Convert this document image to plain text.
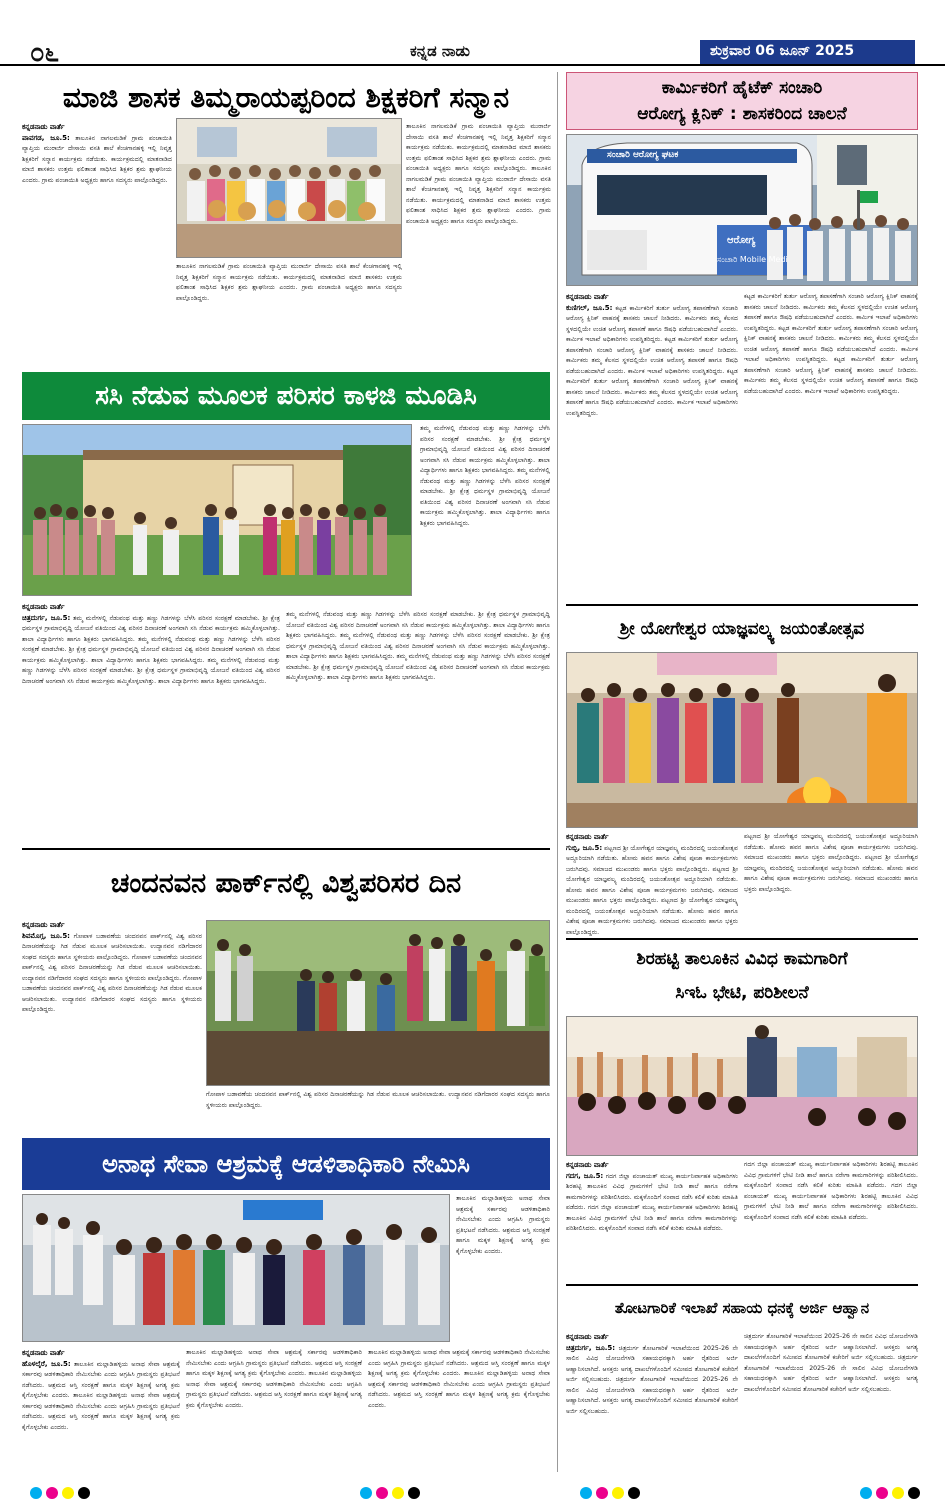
೦೬	ಕನ್ನಡ ನಾಡು	ಶುಕ್ರವಾರ 06 ಜೂನ್ 2025
ಮಾಜಿ ಶಾಸಕ ತಿಮ್ಮರಾಯಪ್ಪರಿಂದ ಶಿಕ್ಷಕರಿಗೆ ಸನ್ಮಾನ
ಕನ್ನಡನಾಡು ವಾರ್ತೆ
ಪಾವಗಡ, ಜೂ.5: ತಾಲೂಕಿನ ನಾಗಲಮಡಿಕೆ ಗ್ರಾಮ ಪಂಚಾಯಿತಿ ವ್ಯಾಪ್ತಿಯ ಮುರಾರ್ಜಿ ದೇಸಾಯಿ ವಸತಿ ಶಾಲೆ ಕೆಂಚಗಾನಹಳ್ಳಿ ಇಲ್ಲಿ ನಿವೃತ್ತ ಶಿಕ್ಷಕರಿಗೆ ಸನ್ಮಾನ ಕಾರ್ಯಕ್ರಮ ನಡೆಯಿತು. ಕಾರ್ಯಕ್ರಮದಲ್ಲಿ ಮಾತನಾಡಿದ ಮಾಜಿ ಶಾಸಕರು ಉತ್ತಮ ಫಲಿತಾಂಶ ಸಾಧಿಸಿದ ಶಿಕ್ಷಕರ ಶ್ರಮ ಶ್ಲಾಘನೀಯ ಎಂದರು. ಗ್ರಾಮ ಪಂಚಾಯಿತಿ ಅಧ್ಯಕ್ಷರು ಹಾಗೂ ಸದಸ್ಯರು ಪಾಲ್ಗೊಂಡಿದ್ದರು.
ತಾಲೂಕಿನ ನಾಗಲಮಡಿಕೆ ಗ್ರಾಮ ಪಂಚಾಯಿತಿ ವ್ಯಾಪ್ತಿಯ ಮುರಾರ್ಜಿ ದೇಸಾಯಿ ವಸತಿ ಶಾಲೆ ಕೆಂಚಗಾನಹಳ್ಳಿ ಇಲ್ಲಿ ನಿವೃತ್ತ ಶಿಕ್ಷಕರಿಗೆ ಸನ್ಮಾನ ಕಾರ್ಯಕ್ರಮ ನಡೆಯಿತು. ಕಾರ್ಯಕ್ರಮದಲ್ಲಿ ಮಾತನಾಡಿದ ಮಾಜಿ ಶಾಸಕರು ಉತ್ತಮ ಫಲಿತಾಂಶ ಸಾಧಿಸಿದ ಶಿಕ್ಷಕರ ಶ್ರಮ ಶ್ಲಾಘನೀಯ ಎಂದರು. ಗ್ರಾಮ ಪಂಚಾಯಿತಿ ಅಧ್ಯಕ್ಷರು ಹಾಗೂ ಸದಸ್ಯರು ಪಾಲ್ಗೊಂಡಿದ್ದರು.
ತಾಲೂಕಿನ ನಾಗಲಮಡಿಕೆ ಗ್ರಾಮ ಪಂಚಾಯಿತಿ ವ್ಯಾಪ್ತಿಯ ಮುರಾರ್ಜಿ ದೇಸಾಯಿ ವಸತಿ ಶಾಲೆ ಕೆಂಚಗಾನಹಳ್ಳಿ ಇಲ್ಲಿ ನಿವೃತ್ತ ಶಿಕ್ಷಕರಿಗೆ ಸನ್ಮಾನ ಕಾರ್ಯಕ್ರಮ ನಡೆಯಿತು. ಕಾರ್ಯಕ್ರಮದಲ್ಲಿ ಮಾತನಾಡಿದ ಮಾಜಿ ಶಾಸಕರು ಉತ್ತಮ ಫಲಿತಾಂಶ ಸಾಧಿಸಿದ ಶಿಕ್ಷಕರ ಶ್ರಮ ಶ್ಲಾಘನೀಯ ಎಂದರು. ಗ್ರಾಮ ಪಂಚಾಯಿತಿ ಅಧ್ಯಕ್ಷರು ಹಾಗೂ ಸದಸ್ಯರು ಪಾಲ್ಗೊಂಡಿದ್ದರು. ತಾಲೂಕಿನ ನಾಗಲಮಡಿಕೆ ಗ್ರಾಮ ಪಂಚಾಯಿತಿ ವ್ಯಾಪ್ತಿಯ ಮುರಾರ್ಜಿ ದೇಸಾಯಿ ವಸತಿ ಶಾಲೆ ಕೆಂಚಗಾನಹಳ್ಳಿ ಇಲ್ಲಿ ನಿವೃತ್ತ ಶಿಕ್ಷಕರಿಗೆ ಸನ್ಮಾನ ಕಾರ್ಯಕ್ರಮ ನಡೆಯಿತು. ಕಾರ್ಯಕ್ರಮದಲ್ಲಿ ಮಾತನಾಡಿದ ಮಾಜಿ ಶಾಸಕರು ಉತ್ತಮ ಫಲಿತಾಂಶ ಸಾಧಿಸಿದ ಶಿಕ್ಷಕರ ಶ್ರಮ ಶ್ಲಾಘನೀಯ ಎಂದರು. ಗ್ರಾಮ ಪಂಚಾಯಿತಿ ಅಧ್ಯಕ್ಷರು ಹಾಗೂ ಸದಸ್ಯರು ಪಾಲ್ಗೊಂಡಿದ್ದರು.
ಕಾರ್ಮಿಕರಿಗೆ ಹೈಟೆಕ್ ಸಂಚಾರಿ
ಆರೋಗ್ಯ ಕ್ಲಿನಿಕ್ : ಶಾಸಕರಿಂದ ಚಾಲನೆ
ಸಂಚಾರಿ ಆರೋಗ್ಯ ಘಟಕ
ಆರೋಗ್ಯ
ಸಂಚಾರಿ Mobile Medi
ಕನ್ನಡನಾಡು ವಾರ್ತೆ
ಕುಣಿಗಲ್, ಜೂ.5: ಕಟ್ಟಡ ಕಾರ್ಮಿಕರಿಗೆ ತುರ್ತು ಆರೋಗ್ಯ ತಪಾಸಣೆಗಾಗಿ ಸಂಚಾರಿ ಆರೋಗ್ಯ ಕ್ಲಿನಿಕ್ ವಾಹನಕ್ಕೆ ಶಾಸಕರು ಚಾಲನೆ ನೀಡಿದರು. ಕಾರ್ಮಿಕರು ತಮ್ಮ ಕೆಲಸದ ಸ್ಥಳದಲ್ಲಿಯೇ ಉಚಿತ ಆರೋಗ್ಯ ತಪಾಸಣೆ ಹಾಗೂ ಔಷಧಿ ಪಡೆಯಬಹುದಾಗಿದೆ ಎಂದರು. ಕಾರ್ಮಿಕ ಇಲಾಖೆ ಅಧಿಕಾರಿಗಳು ಉಪಸ್ಥಿತರಿದ್ದರು. ಕಟ್ಟಡ ಕಾರ್ಮಿಕರಿಗೆ ತುರ್ತು ಆರೋಗ್ಯ ತಪಾಸಣೆಗಾಗಿ ಸಂಚಾರಿ ಆರೋಗ್ಯ ಕ್ಲಿನಿಕ್ ವಾಹನಕ್ಕೆ ಶಾಸಕರು ಚಾಲನೆ ನೀಡಿದರು. ಕಾರ್ಮಿಕರು ತಮ್ಮ ಕೆಲಸದ ಸ್ಥಳದಲ್ಲಿಯೇ ಉಚಿತ ಆರೋಗ್ಯ ತಪಾಸಣೆ ಹಾಗೂ ಔಷಧಿ ಪಡೆಯಬಹುದಾಗಿದೆ ಎಂದರು. ಕಾರ್ಮಿಕ ಇಲಾಖೆ ಅಧಿಕಾರಿಗಳು ಉಪಸ್ಥಿತರಿದ್ದರು. ಕಟ್ಟಡ ಕಾರ್ಮಿಕರಿಗೆ ತುರ್ತು ಆರೋಗ್ಯ ತಪಾಸಣೆಗಾಗಿ ಸಂಚಾರಿ ಆರೋಗ್ಯ ಕ್ಲಿನಿಕ್ ವಾಹನಕ್ಕೆ ಶಾಸಕರು ಚಾಲನೆ ನೀಡಿದರು. ಕಾರ್ಮಿಕರು ತಮ್ಮ ಕೆಲಸದ ಸ್ಥಳದಲ್ಲಿಯೇ ಉಚಿತ ಆರೋಗ್ಯ ತಪಾಸಣೆ ಹಾಗೂ ಔಷಧಿ ಪಡೆಯಬಹುದಾಗಿದೆ ಎಂದರು. ಕಾರ್ಮಿಕ ಇಲಾಖೆ ಅಧಿಕಾರಿಗಳು ಉಪಸ್ಥಿತರಿದ್ದರು.
ಕಟ್ಟಡ ಕಾರ್ಮಿಕರಿಗೆ ತುರ್ತು ಆರೋಗ್ಯ ತಪಾಸಣೆಗಾಗಿ ಸಂಚಾರಿ ಆರೋಗ್ಯ ಕ್ಲಿನಿಕ್ ವಾಹನಕ್ಕೆ ಶಾಸಕರು ಚಾಲನೆ ನೀಡಿದರು. ಕಾರ್ಮಿಕರು ತಮ್ಮ ಕೆಲಸದ ಸ್ಥಳದಲ್ಲಿಯೇ ಉಚಿತ ಆರೋಗ್ಯ ತಪಾಸಣೆ ಹಾಗೂ ಔಷಧಿ ಪಡೆಯಬಹುದಾಗಿದೆ ಎಂದರು. ಕಾರ್ಮಿಕ ಇಲಾಖೆ ಅಧಿಕಾರಿಗಳು ಉಪಸ್ಥಿತರಿದ್ದರು. ಕಟ್ಟಡ ಕಾರ್ಮಿಕರಿಗೆ ತುರ್ತು ಆರೋಗ್ಯ ತಪಾಸಣೆಗಾಗಿ ಸಂಚಾರಿ ಆರೋಗ್ಯ ಕ್ಲಿನಿಕ್ ವಾಹನಕ್ಕೆ ಶಾಸಕರು ಚಾಲನೆ ನೀಡಿದರು. ಕಾರ್ಮಿಕರು ತಮ್ಮ ಕೆಲಸದ ಸ್ಥಳದಲ್ಲಿಯೇ ಉಚಿತ ಆರೋಗ್ಯ ತಪಾಸಣೆ ಹಾಗೂ ಔಷಧಿ ಪಡೆಯಬಹುದಾಗಿದೆ ಎಂದರು. ಕಾರ್ಮಿಕ ಇಲಾಖೆ ಅಧಿಕಾರಿಗಳು ಉಪಸ್ಥಿತರಿದ್ದರು. ಕಟ್ಟಡ ಕಾರ್ಮಿಕರಿಗೆ ತುರ್ತು ಆರೋಗ್ಯ ತಪಾಸಣೆಗಾಗಿ ಸಂಚಾರಿ ಆರೋಗ್ಯ ಕ್ಲಿನಿಕ್ ವಾಹನಕ್ಕೆ ಶಾಸಕರು ಚಾಲನೆ ನೀಡಿದರು. ಕಾರ್ಮಿಕರು ತಮ್ಮ ಕೆಲಸದ ಸ್ಥಳದಲ್ಲಿಯೇ ಉಚಿತ ಆರೋಗ್ಯ ತಪಾಸಣೆ ಹಾಗೂ ಔಷಧಿ ಪಡೆಯಬಹುದಾಗಿದೆ ಎಂದರು. ಕಾರ್ಮಿಕ ಇಲಾಖೆ ಅಧಿಕಾರಿಗಳು ಉಪಸ್ಥಿತರಿದ್ದರು.
ಸಸಿ ನೆಡುವ ಮೂಲಕ ಪರಿಸರ ಕಾಳಜಿ ಮೂಡಿಸಿ
ತಮ್ಮ ಮನೆಗಳಲ್ಲಿ ನೆಡುವಂಥ ಮತ್ತು ಹಣ್ಣು ಗಿಡಗಳನ್ನು ಬೆಳೆಸಿ ಪರಿಸರ ಸಂರಕ್ಷಣೆ ಮಾಡಬೇಕು. ಶ್ರೀ ಕ್ಷೇತ್ರ ಧರ್ಮಸ್ಥಳ ಗ್ರಾಮಾಭಿವೃದ್ಧಿ ಯೋಜನೆ ವತಿಯಿಂದ ವಿಶ್ವ ಪರಿಸರ ದಿನಾಚರಣೆ ಅಂಗವಾಗಿ ಸಸಿ ನೆಡುವ ಕಾರ್ಯಕ್ರಮ ಹಮ್ಮಿಕೊಳ್ಳಲಾಗಿತ್ತು. ಶಾಲಾ ವಿದ್ಯಾರ್ಥಿಗಳು ಹಾಗೂ ಶಿಕ್ಷಕರು ಭಾಗವಹಿಸಿದ್ದರು. ತಮ್ಮ ಮನೆಗಳಲ್ಲಿ ನೆಡುವಂಥ ಮತ್ತು ಹಣ್ಣು ಗಿಡಗಳನ್ನು ಬೆಳೆಸಿ ಪರಿಸರ ಸಂರಕ್ಷಣೆ ಮಾಡಬೇಕು. ಶ್ರೀ ಕ್ಷೇತ್ರ ಧರ್ಮಸ್ಥಳ ಗ್ರಾಮಾಭಿವೃದ್ಧಿ ಯೋಜನೆ ವತಿಯಿಂದ ವಿಶ್ವ ಪರಿಸರ ದಿನಾಚರಣೆ ಅಂಗವಾಗಿ ಸಸಿ ನೆಡುವ ಕಾರ್ಯಕ್ರಮ ಹಮ್ಮಿಕೊಳ್ಳಲಾಗಿತ್ತು. ಶಾಲಾ ವಿದ್ಯಾರ್ಥಿಗಳು ಹಾಗೂ ಶಿಕ್ಷಕರು ಭಾಗವಹಿಸಿದ್ದರು.
ಕನ್ನಡನಾಡು ವಾರ್ತೆ
ಚಿತ್ರದುರ್ಗ, ಜೂ.5: ತಮ್ಮ ಮನೆಗಳಲ್ಲಿ ನೆಡುವಂಥ ಮತ್ತು ಹಣ್ಣು ಗಿಡಗಳನ್ನು ಬೆಳೆಸಿ ಪರಿಸರ ಸಂರಕ್ಷಣೆ ಮಾಡಬೇಕು. ಶ್ರೀ ಕ್ಷೇತ್ರ ಧರ್ಮಸ್ಥಳ ಗ್ರಾಮಾಭಿವೃದ್ಧಿ ಯೋಜನೆ ವತಿಯಿಂದ ವಿಶ್ವ ಪರಿಸರ ದಿನಾಚರಣೆ ಅಂಗವಾಗಿ ಸಸಿ ನೆಡುವ ಕಾರ್ಯಕ್ರಮ ಹಮ್ಮಿಕೊಳ್ಳಲಾಗಿತ್ತು. ಶಾಲಾ ವಿದ್ಯಾರ್ಥಿಗಳು ಹಾಗೂ ಶಿಕ್ಷಕರು ಭಾಗವಹಿಸಿದ್ದರು. ತಮ್ಮ ಮನೆಗಳಲ್ಲಿ ನೆಡುವಂಥ ಮತ್ತು ಹಣ್ಣು ಗಿಡಗಳನ್ನು ಬೆಳೆಸಿ ಪರಿಸರ ಸಂರಕ್ಷಣೆ ಮಾಡಬೇಕು. ಶ್ರೀ ಕ್ಷೇತ್ರ ಧರ್ಮಸ್ಥಳ ಗ್ರಾಮಾಭಿವೃದ್ಧಿ ಯೋಜನೆ ವತಿಯಿಂದ ವಿಶ್ವ ಪರಿಸರ ದಿನಾಚರಣೆ ಅಂಗವಾಗಿ ಸಸಿ ನೆಡುವ ಕಾರ್ಯಕ್ರಮ ಹಮ್ಮಿಕೊಳ್ಳಲಾಗಿತ್ತು. ಶಾಲಾ ವಿದ್ಯಾರ್ಥಿಗಳು ಹಾಗೂ ಶಿಕ್ಷಕರು ಭಾಗವಹಿಸಿದ್ದರು. ತಮ್ಮ ಮನೆಗಳಲ್ಲಿ ನೆಡುವಂಥ ಮತ್ತು ಹಣ್ಣು ಗಿಡಗಳನ್ನು ಬೆಳೆಸಿ ಪರಿಸರ ಸಂರಕ್ಷಣೆ ಮಾಡಬೇಕು. ಶ್ರೀ ಕ್ಷೇತ್ರ ಧರ್ಮಸ್ಥಳ ಗ್ರಾಮಾಭಿವೃದ್ಧಿ ಯೋಜನೆ ವತಿಯಿಂದ ವಿಶ್ವ ಪರಿಸರ ದಿನಾಚರಣೆ ಅಂಗವಾಗಿ ಸಸಿ ನೆಡುವ ಕಾರ್ಯಕ್ರಮ ಹಮ್ಮಿಕೊಳ್ಳಲಾಗಿತ್ತು. ಶಾಲಾ ವಿದ್ಯಾರ್ಥಿಗಳು ಹಾಗೂ ಶಿಕ್ಷಕರು ಭಾಗವಹಿಸಿದ್ದರು.
ತಮ್ಮ ಮನೆಗಳಲ್ಲಿ ನೆಡುವಂಥ ಮತ್ತು ಹಣ್ಣು ಗಿಡಗಳನ್ನು ಬೆಳೆಸಿ ಪರಿಸರ ಸಂರಕ್ಷಣೆ ಮಾಡಬೇಕು. ಶ್ರೀ ಕ್ಷೇತ್ರ ಧರ್ಮಸ್ಥಳ ಗ್ರಾಮಾಭಿವೃದ್ಧಿ ಯೋಜನೆ ವತಿಯಿಂದ ವಿಶ್ವ ಪರಿಸರ ದಿನಾಚರಣೆ ಅಂಗವಾಗಿ ಸಸಿ ನೆಡುವ ಕಾರ್ಯಕ್ರಮ ಹಮ್ಮಿಕೊಳ್ಳಲಾಗಿತ್ತು. ಶಾಲಾ ವಿದ್ಯಾರ್ಥಿಗಳು ಹಾಗೂ ಶಿಕ್ಷಕರು ಭಾಗವಹಿಸಿದ್ದರು. ತಮ್ಮ ಮನೆಗಳಲ್ಲಿ ನೆಡುವಂಥ ಮತ್ತು ಹಣ್ಣು ಗಿಡಗಳನ್ನು ಬೆಳೆಸಿ ಪರಿಸರ ಸಂರಕ್ಷಣೆ ಮಾಡಬೇಕು. ಶ್ರೀ ಕ್ಷೇತ್ರ ಧರ್ಮಸ್ಥಳ ಗ್ರಾಮಾಭಿವೃದ್ಧಿ ಯೋಜನೆ ವತಿಯಿಂದ ವಿಶ್ವ ಪರಿಸರ ದಿನಾಚರಣೆ ಅಂಗವಾಗಿ ಸಸಿ ನೆಡುವ ಕಾರ್ಯಕ್ರಮ ಹಮ್ಮಿಕೊಳ್ಳಲಾಗಿತ್ತು. ಶಾಲಾ ವಿದ್ಯಾರ್ಥಿಗಳು ಹಾಗೂ ಶಿಕ್ಷಕರು ಭಾಗವಹಿಸಿದ್ದರು. ತಮ್ಮ ಮನೆಗಳಲ್ಲಿ ನೆಡುವಂಥ ಮತ್ತು ಹಣ್ಣು ಗಿಡಗಳನ್ನು ಬೆಳೆಸಿ ಪರಿಸರ ಸಂರಕ್ಷಣೆ ಮಾಡಬೇಕು. ಶ್ರೀ ಕ್ಷೇತ್ರ ಧರ್ಮಸ್ಥಳ ಗ್ರಾಮಾಭಿವೃದ್ಧಿ ಯೋಜನೆ ವತಿಯಿಂದ ವಿಶ್ವ ಪರಿಸರ ದಿನಾಚರಣೆ ಅಂಗವಾಗಿ ಸಸಿ ನೆಡುವ ಕಾರ್ಯಕ್ರಮ ಹಮ್ಮಿಕೊಳ್ಳಲಾಗಿತ್ತು. ಶಾಲಾ ವಿದ್ಯಾರ್ಥಿಗಳು ಹಾಗೂ ಶಿಕ್ಷಕರು ಭಾಗವಹಿಸಿದ್ದರು.
ಶ್ರೀ ಯೋಗೇಶ್ವರ ಯಾಜ್ಞವಲ್ಕ್ಯ ಜಯಂತೋತ್ಸವ
ಕನ್ನಡನಾಡು ವಾರ್ತೆ
ಗುಬ್ಬಿ, ಜೂ.5: ಪಟ್ಟಣದ ಶ್ರೀ ಯೋಗೇಶ್ವರ ಯಾಜ್ಞವಲ್ಕ್ಯ ಮಂದಿರದಲ್ಲಿ ಜಯಂತೋತ್ಸವ ಅದ್ದೂರಿಯಾಗಿ ನಡೆಯಿತು. ಹೋಮ ಹವನ ಹಾಗೂ ವಿಶೇಷ ಪೂಜಾ ಕಾರ್ಯಕ್ರಮಗಳು ಜರುಗಿದವು. ಸಮಾಜದ ಮುಖಂಡರು ಹಾಗೂ ಭಕ್ತರು ಪಾಲ್ಗೊಂಡಿದ್ದರು. ಪಟ್ಟಣದ ಶ್ರೀ ಯೋಗೇಶ್ವರ ಯಾಜ್ಞವಲ್ಕ್ಯ ಮಂದಿರದಲ್ಲಿ ಜಯಂತೋತ್ಸವ ಅದ್ದೂರಿಯಾಗಿ ನಡೆಯಿತು. ಹೋಮ ಹವನ ಹಾಗೂ ವಿಶೇಷ ಪೂಜಾ ಕಾರ್ಯಕ್ರಮಗಳು ಜರುಗಿದವು. ಸಮಾಜದ ಮುಖಂಡರು ಹಾಗೂ ಭಕ್ತರು ಪಾಲ್ಗೊಂಡಿದ್ದರು. ಪಟ್ಟಣದ ಶ್ರೀ ಯೋಗೇಶ್ವರ ಯಾಜ್ಞವಲ್ಕ್ಯ ಮಂದಿರದಲ್ಲಿ ಜಯಂತೋತ್ಸವ ಅದ್ದೂರಿಯಾಗಿ ನಡೆಯಿತು. ಹೋಮ ಹವನ ಹಾಗೂ ವಿಶೇಷ ಪೂಜಾ ಕಾರ್ಯಕ್ರಮಗಳು ಜರುಗಿದವು. ಸಮಾಜದ ಮುಖಂಡರು ಹಾಗೂ ಭಕ್ತರು ಪಾಲ್ಗೊಂಡಿದ್ದರು.
ಪಟ್ಟಣದ ಶ್ರೀ ಯೋಗೇಶ್ವರ ಯಾಜ್ಞವಲ್ಕ್ಯ ಮಂದಿರದಲ್ಲಿ ಜಯಂತೋತ್ಸವ ಅದ್ದೂರಿಯಾಗಿ ನಡೆಯಿತು. ಹೋಮ ಹವನ ಹಾಗೂ ವಿಶೇಷ ಪೂಜಾ ಕಾರ್ಯಕ್ರಮಗಳು ಜರುಗಿದವು. ಸಮಾಜದ ಮುಖಂಡರು ಹಾಗೂ ಭಕ್ತರು ಪಾಲ್ಗೊಂಡಿದ್ದರು. ಪಟ್ಟಣದ ಶ್ರೀ ಯೋಗೇಶ್ವರ ಯಾಜ್ಞವಲ್ಕ್ಯ ಮಂದಿರದಲ್ಲಿ ಜಯಂತೋತ್ಸವ ಅದ್ದೂರಿಯಾಗಿ ನಡೆಯಿತು. ಹೋಮ ಹವನ ಹಾಗೂ ವಿಶೇಷ ಪೂಜಾ ಕಾರ್ಯಕ್ರಮಗಳು ಜರುಗಿದವು. ಸಮಾಜದ ಮುಖಂಡರು ಹಾಗೂ ಭಕ್ತರು ಪಾಲ್ಗೊಂಡಿದ್ದರು.
ಚಂದನವನ ಪಾರ್ಕ್‌ನಲ್ಲಿ ವಿಶ್ವಪರಿಸರ ದಿನ
ಕನ್ನಡನಾಡು ವಾರ್ತೆ
ಶಿವಮೊಗ್ಗ, ಜೂ.5: ಗೋಪಾಳ ಬಡಾವಣೆಯ ಚಂದನವನ ಪಾರ್ಕ್‌ನಲ್ಲಿ ವಿಶ್ವ ಪರಿಸರ ದಿನಾಚರಣೆಯನ್ನು ಗಿಡ ನೆಡುವ ಮೂಲಕ ಆಚರಿಸಲಾಯಿತು. ಉದ್ಯಾನವನ ನಡಿಗೆದಾರರ ಸಂಘದ ಸದಸ್ಯರು ಹಾಗೂ ಸ್ಥಳೀಯರು ಪಾಲ್ಗೊಂಡಿದ್ದರು. ಗೋಪಾಳ ಬಡಾವಣೆಯ ಚಂದನವನ ಪಾರ್ಕ್‌ನಲ್ಲಿ ವಿಶ್ವ ಪರಿಸರ ದಿನಾಚರಣೆಯನ್ನು ಗಿಡ ನೆಡುವ ಮೂಲಕ ಆಚರಿಸಲಾಯಿತು. ಉದ್ಯಾನವನ ನಡಿಗೆದಾರರ ಸಂಘದ ಸದಸ್ಯರು ಹಾಗೂ ಸ್ಥಳೀಯರು ಪಾಲ್ಗೊಂಡಿದ್ದರು. ಗೋಪಾಳ ಬಡಾವಣೆಯ ಚಂದನವನ ಪಾರ್ಕ್‌ನಲ್ಲಿ ವಿಶ್ವ ಪರಿಸರ ದಿನಾಚರಣೆಯನ್ನು ಗಿಡ ನೆಡುವ ಮೂಲಕ ಆಚರಿಸಲಾಯಿತು. ಉದ್ಯಾನವನ ನಡಿಗೆದಾರರ ಸಂಘದ ಸದಸ್ಯರು ಹಾಗೂ ಸ್ಥಳೀಯರು ಪಾಲ್ಗೊಂಡಿದ್ದರು.
ಗೋಪಾಳ ಬಡಾವಣೆಯ ಚಂದನವನ ಪಾರ್ಕ್‌ನಲ್ಲಿ ವಿಶ್ವ ಪರಿಸರ ದಿನಾಚರಣೆಯನ್ನು ಗಿಡ ನೆಡುವ ಮೂಲಕ ಆಚರಿಸಲಾಯಿತು. ಉದ್ಯಾನವನ ನಡಿಗೆದಾರರ ಸಂಘದ ಸದಸ್ಯರು ಹಾಗೂ ಸ್ಥಳೀಯರು ಪಾಲ್ಗೊಂಡಿದ್ದರು.
ಶಿರಹಟ್ಟಿ ತಾಲೂಕಿನ ವಿವಿಧ ಕಾಮಗಾರಿಗೆ
ಸಿಇಓ ಭೇಟಿ, ಪರಿಶೀಲನೆ
ಕನ್ನಡನಾಡು ವಾರ್ತೆ
ಗದಗ, ಜೂ.5: ಗದಗ ಜಿಲ್ಲಾ ಪಂಚಾಯತ್ ಮುಖ್ಯ ಕಾರ್ಯನಿರ್ವಾಹಕ ಅಧಿಕಾರಿಗಳು ಶಿರಹಟ್ಟಿ ತಾಲೂಕಿನ ವಿವಿಧ ಗ್ರಾಮಗಳಿಗೆ ಭೇಟಿ ನೀಡಿ ಶಾಲೆ ಹಾಗೂ ನರೇಗಾ ಕಾಮಗಾರಿಗಳನ್ನು ಪರಿಶೀಲಿಸಿದರು. ಮಕ್ಕಳೊಂದಿಗೆ ಸಂವಾದ ನಡೆಸಿ ಕಲಿಕೆ ಕುರಿತು ಮಾಹಿತಿ ಪಡೆದರು. ಗದಗ ಜಿಲ್ಲಾ ಪಂಚಾಯತ್ ಮುಖ್ಯ ಕಾರ್ಯನಿರ್ವಾಹಕ ಅಧಿಕಾರಿಗಳು ಶಿರಹಟ್ಟಿ ತಾಲೂಕಿನ ವಿವಿಧ ಗ್ರಾಮಗಳಿಗೆ ಭೇಟಿ ನೀಡಿ ಶಾಲೆ ಹಾಗೂ ನರೇಗಾ ಕಾಮಗಾರಿಗಳನ್ನು ಪರಿಶೀಲಿಸಿದರು. ಮಕ್ಕಳೊಂದಿಗೆ ಸಂವಾದ ನಡೆಸಿ ಕಲಿಕೆ ಕುರಿತು ಮಾಹಿತಿ ಪಡೆದರು.
ಗದಗ ಜಿಲ್ಲಾ ಪಂಚಾಯತ್ ಮುಖ್ಯ ಕಾರ್ಯನಿರ್ವಾಹಕ ಅಧಿಕಾರಿಗಳು ಶಿರಹಟ್ಟಿ ತಾಲೂಕಿನ ವಿವಿಧ ಗ್ರಾಮಗಳಿಗೆ ಭೇಟಿ ನೀಡಿ ಶಾಲೆ ಹಾಗೂ ನರೇಗಾ ಕಾಮಗಾರಿಗಳನ್ನು ಪರಿಶೀಲಿಸಿದರು. ಮಕ್ಕಳೊಂದಿಗೆ ಸಂವಾದ ನಡೆಸಿ ಕಲಿಕೆ ಕುರಿತು ಮಾಹಿತಿ ಪಡೆದರು. ಗದಗ ಜಿಲ್ಲಾ ಪಂಚಾಯತ್ ಮುಖ್ಯ ಕಾರ್ಯನಿರ್ವಾಹಕ ಅಧಿಕಾರಿಗಳು ಶಿರಹಟ್ಟಿ ತಾಲೂಕಿನ ವಿವಿಧ ಗ್ರಾಮಗಳಿಗೆ ಭೇಟಿ ನೀಡಿ ಶಾಲೆ ಹಾಗೂ ನರೇಗಾ ಕಾಮಗಾರಿಗಳನ್ನು ಪರಿಶೀಲಿಸಿದರು. ಮಕ್ಕಳೊಂದಿಗೆ ಸಂವಾದ ನಡೆಸಿ ಕಲಿಕೆ ಕುರಿತು ಮಾಹಿತಿ ಪಡೆದರು.
ಅನಾಥ ಸೇವಾ ಆಶ್ರಮಕ್ಕೆ ಆಡಳಿತಾಧಿಕಾರಿ ನೇಮಿಸಿ
ತಾಲೂಕಿನ ಮಲ್ಲಾಡಿಹಳ್ಳಿಯ ಅನಾಥ ಸೇವಾ ಆಶ್ರಮಕ್ಕೆ ಸರ್ಕಾರವು ಆಡಳಿತಾಧಿಕಾರಿ ನೇಮಿಸಬೇಕು ಎಂದು ಆಗ್ರಹಿಸಿ ಗ್ರಾಮಸ್ಥರು ಪ್ರತಿಭಟನೆ ನಡೆಸಿದರು. ಆಶ್ರಮದ ಆಸ್ತಿ ಸಂರಕ್ಷಣೆ ಹಾಗೂ ಮಕ್ಕಳ ಶಿಕ್ಷಣಕ್ಕೆ ಅಗತ್ಯ ಕ್ರಮ ಕೈಗೊಳ್ಳಬೇಕು ಎಂದರು.
ಕನ್ನಡನಾಡು ವಾರ್ತೆ
ಹೊಳಲ್ಕೆರೆ, ಜೂ.5: ತಾಲೂಕಿನ ಮಲ್ಲಾಡಿಹಳ್ಳಿಯ ಅನಾಥ ಸೇವಾ ಆಶ್ರಮಕ್ಕೆ ಸರ್ಕಾರವು ಆಡಳಿತಾಧಿಕಾರಿ ನೇಮಿಸಬೇಕು ಎಂದು ಆಗ್ರಹಿಸಿ ಗ್ರಾಮಸ್ಥರು ಪ್ರತಿಭಟನೆ ನಡೆಸಿದರು. ಆಶ್ರಮದ ಆಸ್ತಿ ಸಂರಕ್ಷಣೆ ಹಾಗೂ ಮಕ್ಕಳ ಶಿಕ್ಷಣಕ್ಕೆ ಅಗತ್ಯ ಕ್ರಮ ಕೈಗೊಳ್ಳಬೇಕು ಎಂದರು. ತಾಲೂಕಿನ ಮಲ್ಲಾಡಿಹಳ್ಳಿಯ ಅನಾಥ ಸೇವಾ ಆಶ್ರಮಕ್ಕೆ ಸರ್ಕಾರವು ಆಡಳಿತಾಧಿಕಾರಿ ನೇಮಿಸಬೇಕು ಎಂದು ಆಗ್ರಹಿಸಿ ಗ್ರಾಮಸ್ಥರು ಪ್ರತಿಭಟನೆ ನಡೆಸಿದರು. ಆಶ್ರಮದ ಆಸ್ತಿ ಸಂರಕ್ಷಣೆ ಹಾಗೂ ಮಕ್ಕಳ ಶಿಕ್ಷಣಕ್ಕೆ ಅಗತ್ಯ ಕ್ರಮ ಕೈಗೊಳ್ಳಬೇಕು ಎಂದರು.
ತಾಲೂಕಿನ ಮಲ್ಲಾಡಿಹಳ್ಳಿಯ ಅನಾಥ ಸೇವಾ ಆಶ್ರಮಕ್ಕೆ ಸರ್ಕಾರವು ಆಡಳಿತಾಧಿಕಾರಿ ನೇಮಿಸಬೇಕು ಎಂದು ಆಗ್ರಹಿಸಿ ಗ್ರಾಮಸ್ಥರು ಪ್ರತಿಭಟನೆ ನಡೆಸಿದರು. ಆಶ್ರಮದ ಆಸ್ತಿ ಸಂರಕ್ಷಣೆ ಹಾಗೂ ಮಕ್ಕಳ ಶಿಕ್ಷಣಕ್ಕೆ ಅಗತ್ಯ ಕ್ರಮ ಕೈಗೊಳ್ಳಬೇಕು ಎಂದರು. ತಾಲೂಕಿನ ಮಲ್ಲಾಡಿಹಳ್ಳಿಯ ಅನಾಥ ಸೇವಾ ಆಶ್ರಮಕ್ಕೆ ಸರ್ಕಾರವು ಆಡಳಿತಾಧಿಕಾರಿ ನೇಮಿಸಬೇಕು ಎಂದು ಆಗ್ರಹಿಸಿ ಗ್ರಾಮಸ್ಥರು ಪ್ರತಿಭಟನೆ ನಡೆಸಿದರು. ಆಶ್ರಮದ ಆಸ್ತಿ ಸಂರಕ್ಷಣೆ ಹಾಗೂ ಮಕ್ಕಳ ಶಿಕ್ಷಣಕ್ಕೆ ಅಗತ್ಯ ಕ್ರಮ ಕೈಗೊಳ್ಳಬೇಕು ಎಂದರು.
ತಾಲೂಕಿನ ಮಲ್ಲಾಡಿಹಳ್ಳಿಯ ಅನಾಥ ಸೇವಾ ಆಶ್ರಮಕ್ಕೆ ಸರ್ಕಾರವು ಆಡಳಿತಾಧಿಕಾರಿ ನೇಮಿಸಬೇಕು ಎಂದು ಆಗ್ರಹಿಸಿ ಗ್ರಾಮಸ್ಥರು ಪ್ರತಿಭಟನೆ ನಡೆಸಿದರು. ಆಶ್ರಮದ ಆಸ್ತಿ ಸಂರಕ್ಷಣೆ ಹಾಗೂ ಮಕ್ಕಳ ಶಿಕ್ಷಣಕ್ಕೆ ಅಗತ್ಯ ಕ್ರಮ ಕೈಗೊಳ್ಳಬೇಕು ಎಂದರು. ತಾಲೂಕಿನ ಮಲ್ಲಾಡಿಹಳ್ಳಿಯ ಅನಾಥ ಸೇವಾ ಆಶ್ರಮಕ್ಕೆ ಸರ್ಕಾರವು ಆಡಳಿತಾಧಿಕಾರಿ ನೇಮಿಸಬೇಕು ಎಂದು ಆಗ್ರಹಿಸಿ ಗ್ರಾಮಸ್ಥರು ಪ್ರತಿಭಟನೆ ನಡೆಸಿದರು. ಆಶ್ರಮದ ಆಸ್ತಿ ಸಂರಕ್ಷಣೆ ಹಾಗೂ ಮಕ್ಕಳ ಶಿಕ್ಷಣಕ್ಕೆ ಅಗತ್ಯ ಕ್ರಮ ಕೈಗೊಳ್ಳಬೇಕು ಎಂದರು.
ತೋಟಗಾರಿಕೆ ಇಲಾಖೆ ಸಹಾಯ ಧನಕ್ಕೆ ಅರ್ಜಿ ಆಹ್ವಾನ
ಕನ್ನಡನಾಡು ವಾರ್ತೆ
ಚಿತ್ರದುರ್ಗ, ಜೂ.5: ಚಿತ್ರದುರ್ಗ ತೋಟಗಾರಿಕೆ ಇಲಾಖೆಯಿಂದ 2025-26 ನೇ ಸಾಲಿನ ವಿವಿಧ ಯೋಜನೆಗಳಡಿ ಸಹಾಯಧನಕ್ಕಾಗಿ ಅರ್ಹ ರೈತರಿಂದ ಅರ್ಜಿ ಆಹ್ವಾನಿಸಲಾಗಿದೆ. ಆಸಕ್ತರು ಅಗತ್ಯ ದಾಖಲೆಗಳೊಂದಿಗೆ ಸಮೀಪದ ತೋಟಗಾರಿಕೆ ಕಚೇರಿಗೆ ಅರ್ಜಿ ಸಲ್ಲಿಸಬಹುದು. ಚಿತ್ರದುರ್ಗ ತೋಟಗಾರಿಕೆ ಇಲಾಖೆಯಿಂದ 2025-26 ನೇ ಸಾಲಿನ ವಿವಿಧ ಯೋಜನೆಗಳಡಿ ಸಹಾಯಧನಕ್ಕಾಗಿ ಅರ್ಹ ರೈತರಿಂದ ಅರ್ಜಿ ಆಹ್ವಾನಿಸಲಾಗಿದೆ. ಆಸಕ್ತರು ಅಗತ್ಯ ದಾಖಲೆಗಳೊಂದಿಗೆ ಸಮೀಪದ ತೋಟಗಾರಿಕೆ ಕಚೇರಿಗೆ ಅರ್ಜಿ ಸಲ್ಲಿಸಬಹುದು.
ಚಿತ್ರದುರ್ಗ ತೋಟಗಾರಿಕೆ ಇಲಾಖೆಯಿಂದ 2025-26 ನೇ ಸಾಲಿನ ವಿವಿಧ ಯೋಜನೆಗಳಡಿ ಸಹಾಯಧನಕ್ಕಾಗಿ ಅರ್ಹ ರೈತರಿಂದ ಅರ್ಜಿ ಆಹ್ವಾನಿಸಲಾಗಿದೆ. ಆಸಕ್ತರು ಅಗತ್ಯ ದಾಖಲೆಗಳೊಂದಿಗೆ ಸಮೀಪದ ತೋಟಗಾರಿಕೆ ಕಚೇರಿಗೆ ಅರ್ಜಿ ಸಲ್ಲಿಸಬಹುದು. ಚಿತ್ರದುರ್ಗ ತೋಟಗಾರಿಕೆ ಇಲಾಖೆಯಿಂದ 2025-26 ನೇ ಸಾಲಿನ ವಿವಿಧ ಯೋಜನೆಗಳಡಿ ಸಹಾಯಧನಕ್ಕಾಗಿ ಅರ್ಹ ರೈತರಿಂದ ಅರ್ಜಿ ಆಹ್ವಾನಿಸಲಾಗಿದೆ. ಆಸಕ್ತರು ಅಗತ್ಯ ದಾಖಲೆಗಳೊಂದಿಗೆ ಸಮೀಪದ ತೋಟಗಾರಿಕೆ ಕಚೇರಿಗೆ ಅರ್ಜಿ ಸಲ್ಲಿಸಬಹುದು.
